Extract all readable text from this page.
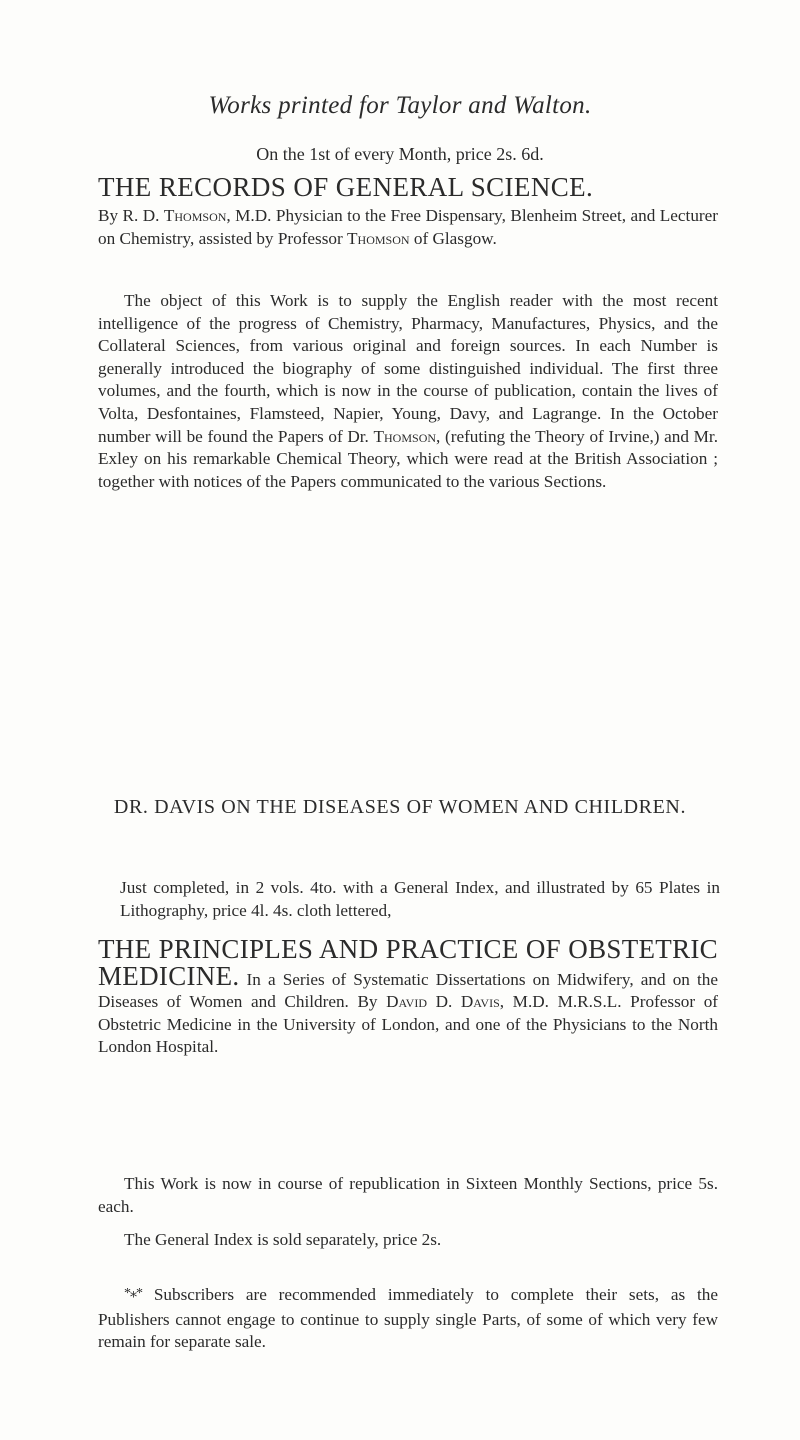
Works printed for Taylor and Walton.
On the 1st of every Month, price 2s. 6d.
THE RECORDS OF GENERAL SCIENCE.
By R. D. Thomson, M.D. Physician to the Free Dispensary, Blenheim Street, and Lecturer on Chemistry, assisted by Professor Thomson of Glasgow.
The object of this Work is to supply the English reader with the most recent intelligence of the progress of Chemistry, Pharmacy, Manufactures, Physics, and the Collateral Sciences, from various original and foreign sources. In each Number is generally introduced the biography of some distinguished individual. The first three volumes, and the fourth, which is now in the course of publication, contain the lives of Volta, Desfontaines, Flamsteed, Napier, Young, Davy, and Lagrange. In the October number will be found the Papers of Dr. Thomson, (refuting the Theory of Irvine,) and Mr. Exley on his remarkable Chemical Theory, which were read at the British Association ; together with notices of the Papers communicated to the various Sections.
DR. DAVIS ON THE DISEASES OF WOMEN AND CHILDREN.
Just completed, in 2 vols. 4to. with a General Index, and illustrated by 65 Plates in Lithography, price 4l. 4s. cloth lettered,
THE PRINCIPLES AND PRACTICE OF OBSTETRIC MEDICINE. In a Series of Systematic Dissertations on Midwifery, and on the Diseases of Women and Children. By David D. Davis, M.D. M.R.S.L. Professor of Obstetric Medicine in the University of London, and one of the Physicians to the North London Hospital.
This Work is now in course of republication in Sixteen Monthly Sections, price 5s. each.
The General Index is sold separately, price 2s.
*⁎* Subscribers are recommended immediately to complete their sets, as the Publishers cannot engage to continue to supply single Parts, of some of which very few remain for separate sale.
